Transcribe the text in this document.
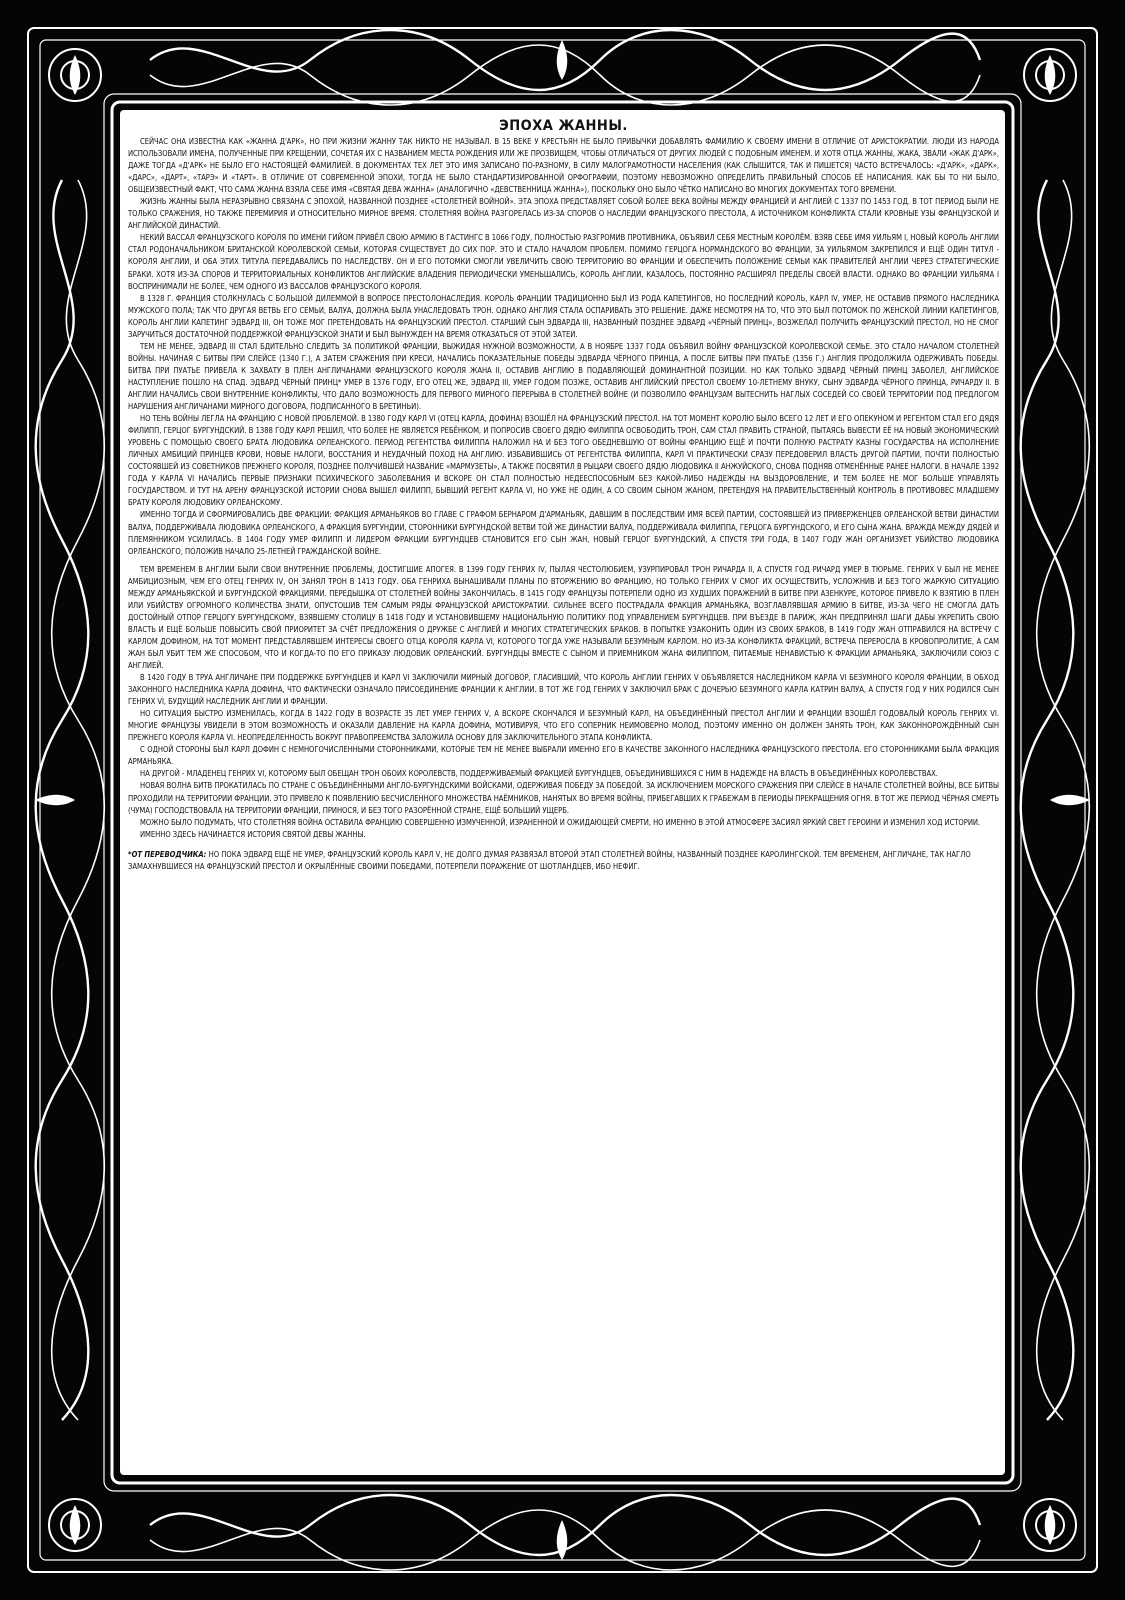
ЭПОХА ЖАННЫ.

СЕЙЧАС ОНА ИЗВЕСТНА КАК «ЖАННА Д'АРК», НО ПРИ ЖИЗНИ ЖАННУ ТАК НИКТО НЕ НАЗЫВАЛ. В 15 ВЕКЕ У КРЕСТЬЯН НЕ БЫЛО ПРИВЫЧКИ ДОБАВЛЯТЬ ФАМИЛИЮ К СВОЕМУ ИМЕНИ В ОТЛИЧИЕ ОТ АРИСТОКРАТИИ. ЛЮДИ ИЗ НАРОДА ИСПОЛЬЗОВАЛИ ИМЕНА, ПОЛУЧЕННЫЕ ПРИ КРЕЩЕНИИ, СОЧЕТАЯ ИХ С НАЗВАНИЕМ МЕСТА РОЖДЕНИЯ ИЛИ ЖЕ ПРОЗВИЩЕМ, ЧТОБЫ ОТЛИЧАТЬСЯ ОТ ДРУГИХ ЛЮДЕЙ С ПОДОБНЫМ ИМЕНЕМ. И ХОТЯ ОТЦА ЖАННЫ, ЖАКА, ЗВАЛИ «ЖАК Д'АРК», ДАЖЕ ТОГДА «Д'АРК» НЕ БЫЛО ЕГО НАСТОЯЩЕЙ ФАМИЛИЕЙ. В ДОКУМЕНТАХ ТЕХ ЛЕТ ЭТО ИМЯ ЗАПИСАНО ПО-РАЗНОМУ, В СИЛУ МАЛОГРАМОТНОСТИ НАСЕЛЕНИЯ (КАК СЛЫШИТСЯ, ТАК И ПИШЕТСЯ) ЧАСТО ВСТРЕЧАЛОСЬ: «Д'АРК», «ДАРК», «ДАРС», «ДАРТ», «ТАРЭ» И «ТАРТ». В ОТЛИЧИЕ ОТ СОВРЕМЕННОЙ ЭПОХИ, ТОГДА НЕ БЫЛО СТАНДАРТИЗИРОВАННОЙ ОРФОГРАФИИ, ПОЭТОМУ НЕВОЗМОЖНО ОПРЕДЕЛИТЬ ПРАВИЛЬНЫЙ СПОСОБ ЕЁ НАПИСАНИЯ. КАК БЫ ТО НИ БЫЛО, ОБЩЕИЗВЕСТНЫЙ ФАКТ, ЧТО САМА ЖАННА ВЗЯЛА СЕБЕ ИМЯ «СВЯТАЯ ДЕВА ЖАННА» (АНАЛОГИЧНО «ДЕВСТВЕННИЦА ЖАННА»), ПОСКОЛЬКУ ОНО БЫЛО ЧЁТКО НАПИСАНО ВО МНОГИХ ДОКУМЕНТАХ ТОГО ВРЕМЕНИ.

ЖИЗНЬ ЖАННЫ БЫЛА НЕРАЗРЫВНО СВЯЗАНА С ЭПОХОЙ, НАЗВАННОЙ ПОЗДНЕЕ «СТОЛЕТНЕЙ ВОЙНОЙ». ЭТА ЭПОХА ПРЕДСТАВЛЯЕТ СОБОЙ БОЛЕЕ ВЕКА ВОЙНЫ МЕЖДУ ФРАНЦИЕЙ И АНГЛИЕЙ С 1337 ПО 1453 ГОД. В ТОТ ПЕРИОД БЫЛИ НЕ ТОЛЬКО СРАЖЕНИЯ, НО ТАКЖЕ ПЕРЕМИРИЯ И ОТНОСИТЕЛЬНО МИРНОЕ ВРЕМЯ. СТОЛЕТНЯЯ ВОЙНА РАЗГОРЕЛАСЬ ИЗ-ЗА СПОРОВ О НАСЛЕДИИ ФРАНЦУЗСКОГО ПРЕСТОЛА, А ИСТОЧНИКОМ КОНФЛИКТА СТАЛИ КРОВНЫЕ УЗЫ ФРАНЦУЗСКОЙ И АНГЛИЙСКОЙ ДИНАСТИЙ.

НЕКИЙ ВАССАЛ ФРАНЦУЗСКОГО КОРОЛЯ ПО ИМЕНИ ГИЙОМ ПРИВЁЛ СВОЮ АРМИЮ В ГАСТИНГС В 1066 ГОДУ, ПОЛНОСТЬЮ РАЗГРОМИВ ПРОТИВНИКА, ОБЪЯВИЛ СЕБЯ МЕСТНЫМ КОРОЛЁМ. ВЗЯВ СЕБЕ ИМЯ УИЛЬЯМ I, НОВЫЙ КОРОЛЬ АНГЛИИ СТАЛ РОДОНАЧАЛЬНИКОМ БРИТАНСКОЙ КОРОЛЕВСКОЙ СЕМЬИ, КОТОРАЯ СУЩЕСТВУЕТ ДО СИХ ПОР. ЭТО И СТАЛО НАЧАЛОМ ПРОБЛЕМ. ПОМИМО ГЕРЦОГА НОРМАНДСКОГО ВО ФРАНЦИИ, ЗА УИЛЬЯМОМ ЗАКРЕПИЛСЯ И ЕЩЁ ОДИН ТИТУЛ - КОРОЛЯ АНГЛИИ, И ОБА ЭТИХ ТИТУЛА ПЕРЕДАВАЛИСЬ ПО НАСЛЕДСТВУ. ОН И ЕГО ПОТОМКИ СМОГЛИ УВЕЛИЧИТЬ СВОЮ ТЕРРИТОРИЮ ВО ФРАНЦИИ И ОБЕСПЕЧИТЬ ПОЛОЖЕНИЕ СЕМЬИ КАК ПРАВИТЕЛЕЙ АНГЛИИ ЧЕРЕЗ СТРАТЕГИЧЕСКИЕ БРАКИ. ХОТЯ ИЗ-ЗА СПОРОВ И ТЕРРИТОРИАЛЬНЫХ КОНФЛИКТОВ АНГЛИЙСКИЕ ВЛАДЕНИЯ ПЕРИОДИЧЕСКИ УМЕНЬШАЛИСЬ, КОРОЛЬ АНГЛИИ, КАЗАЛОСЬ, ПОСТОЯННО РАСШИРЯЛ ПРЕДЕЛЫ СВОЕЙ ВЛАСТИ. ОДНАКО ВО ФРАНЦИИ УИЛЬЯМА I ВОСПРИНИМАЛИ НЕ БОЛЕЕ, ЧЕМ ОДНОГО ИЗ ВАССАЛОВ ФРАНЦУЗСКОГО КОРОЛЯ.

В 1328 Г. ФРАНЦИЯ СТОЛКНУЛАСЬ С БОЛЬШОЙ ДИЛЕММОЙ В ВОПРОСЕ ПРЕСТОЛОНАСЛЕДИЯ. КОРОЛЬ ФРАНЦИИ ТРАДИЦИОННО БЫЛ ИЗ РОДА КАПЕТИНГОВ, НО ПОСЛЕДНИЙ КОРОЛЬ, КАРЛ IV, УМЕР, НЕ ОСТАВИВ ПРЯМОГО НАСЛЕДНИКА МУЖСКОГО ПОЛА; ТАК ЧТО ДРУГАЯ ВЕТВЬ ЕГО СЕМЬИ, ВАЛУА, ДОЛЖНА БЫЛА УНАСЛЕДОВАТЬ ТРОН. ОДНАКО АНГЛИЯ СТАЛА ОСПАРИВАТЬ ЭТО РЕШЕНИЕ. ДАЖЕ НЕСМОТРЯ НА ТО, ЧТО ЭТО БЫЛ ПОТОМОК ПО ЖЕНСКОЙ ЛИНИИ КАПЕТИНГОВ, КОРОЛЬ АНГЛИИ КАПЕТИНГ ЭДВАРД III, ОН ТОЖЕ МОГ ПРЕТЕНДОВАТЬ НА ФРАНЦУЗСКИЙ ПРЕСТОЛ. СТАРШИЙ СЫН ЭДВАРДА III, НАЗВАННЫЙ ПОЗДНЕЕ ЭДВАРД «ЧЁРНЫЙ ПРИНЦ», ВОЗЖЕЛАЛ ПОЛУЧИТЬ ФРАНЦУЗСКИЙ ПРЕСТОЛ, НО НЕ СМОГ ЗАРУЧИТЬСЯ ДОСТАТОЧНОЙ ПОДДЕРЖКОЙ ФРАНЦУЗСКОЙ ЗНАТИ И БЫЛ ВЫНУЖДЕН НА ВРЕМЯ ОТКАЗАТЬСЯ ОТ ЭТОЙ ЗАТЕИ.

ТЕМ НЕ МЕНЕЕ, ЭДВАРД III СТАЛ БДИТЕЛЬНО СЛЕДИТЬ ЗА ПОЛИТИКОЙ ФРАНЦИИ, ВЫЖИДАЯ НУЖНОЙ ВОЗМОЖНОСТИ, А В НОЯБРЕ 1337 ГОДА ОБЪЯВИЛ ВОЙНУ ФРАНЦУЗСКОЙ КОРОЛЕВСКОЙ СЕМЬЕ. ЭТО СТАЛО НАЧАЛОМ СТОЛЕТНЕЙ ВОЙНЫ. НАЧИНАЯ С БИТВЫ ПРИ СЛЕЙСЕ (1340 Г.), А ЗАТЕМ СРАЖЕНИЯ ПРИ КРЕСИ, НАЧАЛИСЬ ПОКАЗАТЕЛЬНЫЕ ПОБЕДЫ ЭДВАРДА ЧЁРНОГО ПРИНЦА, А ПОСЛЕ БИТВЫ ПРИ ПУАТЬЕ (1356 Г.) АНГЛИЯ ПРОДОЛЖИЛА ОДЕРЖИВАТЬ ПОБЕДЫ. БИТВА ПРИ ПУАТЬЕ ПРИВЕЛА К ЗАХВАТУ В ПЛЕН АНГЛИЧАНАМИ ФРАНЦУЗСКОГО КОРОЛЯ ЖАНА II, ОСТАВИВ АНГЛИЮ В ПОДАВЛЯЮЩЕЙ ДОМИНАНТНОЙ ПОЗИЦИИ. НО КАК ТОЛЬКО ЭДВАРД ЧЁРНЫЙ ПРИНЦ ЗАБОЛЕЛ, АНГЛИЙСКОЕ НАСТУПЛЕНИЕ ПОШЛО НА СПАД. ЭДВАРД ЧЁРНЫЙ ПРИНЦ* УМЕР В 1376 ГОДУ, ЕГО ОТЕЦ ЖЕ, ЭДВАРД III, УМЕР ГОДОМ ПОЗЖЕ, ОСТАВИВ АНГЛИЙСКИЙ ПРЕСТОЛ СВОЕМУ 10-ЛЕТНЕМУ ВНУКУ, СЫНУ ЭДВАРДА ЧЁРНОГО ПРИНЦА, РИЧАРДУ II. В АНГЛИИ НАЧАЛИСЬ СВОИ ВНУТРЕННИЕ КОНФЛИКТЫ, ЧТО ДАЛО ВОЗМОЖНОСТЬ ДЛЯ ПЕРВОГО МИРНОГО ПЕРЕРЫВА В СТОЛЕТНЕЙ ВОЙНЕ (И ПОЗВОЛИЛО ФРАНЦУЗАМ ВЫТЕСНИТЬ НАГЛЫХ СОСЕДЕЙ СО СВОЕЙ ТЕРРИТОРИИ ПОД ПРЕДЛОГОМ НАРУШЕНИЯ АНГЛИЧАНАМИ МИРНОГО ДОГОВОРА, ПОДПИСАННОГО В БРЕТИНЬИ).

НО ТЕНЬ ВОЙНЫ ЛЕГЛА НА ФРАНЦИЮ С НОВОЙ ПРОБЛЕМОЙ. В 1380 ГОДУ КАРЛ VI (ОТЕЦ КАРЛА, ДОФИНА) ВЗОШЁЛ НА ФРАНЦУЗСКИЙ ПРЕСТОЛ. НА ТОТ МОМЕНТ КОРОЛЮ БЫЛО ВСЕГО 12 ЛЕТ И ЕГО ОПЕКУНОМ И РЕГЕНТОМ СТАЛ ЕГО ДЯДЯ ФИЛИПП, ГЕРЦОГ БУРГУНДСКИЙ. В 1388 ГОДУ КАРЛ РЕШИЛ, ЧТО БОЛЕЕ НЕ ЯВЛЯЕТСЯ РЕБЁНКОМ, И ПОПРОСИВ СВОЕГО ДЯДЮ ФИЛИППА ОСВОБОДИТЬ ТРОН, САМ СТАЛ ПРАВИТЬ СТРАНОЙ, ПЫТАЯСЬ ВЫВЕСТИ ЕЁ НА НОВЫЙ ЭКОНОМИЧЕСКИЙ УРОВЕНЬ С ПОМОЩЬЮ СВОЕГО БРАТА ЛЮДОВИКА ОРЛЕАНСКОГО. ПЕРИОД РЕГЕНТСТВА ФИЛИППА НАЛОЖИЛ НА И БЕЗ ТОГО ОБЕДНЕВШУЮ ОТ ВОЙНЫ ФРАНЦИЮ ЕЩЁ И ПОЧТИ ПОЛНУЮ РАСТРАТУ КАЗНЫ ГОСУДАРСТВА НА ИСПОЛНЕНИЕ ЛИЧНЫХ АМБИЦИЙ ПРИНЦЕВ КРОВИ, НОВЫЕ НАЛОГИ, ВОССТАНИЯ И НЕУДАЧНЫЙ ПОХОД НА АНГЛИЮ. ИЗБАВИВШИСЬ ОТ РЕГЕНТСТВА ФИЛИППА, КАРЛ VI ПРАКТИЧЕСКИ СРАЗУ ПЕРЕДОВЕРИЛ ВЛАСТЬ ДРУГОЙ ПАРТИИ, ПОЧТИ ПОЛНОСТЬЮ СОСТОЯВШЕЙ ИЗ СОВЕТНИКОВ ПРЕЖНЕГО КОРОЛЯ, ПОЗДНЕЕ ПОЛУЧИВШЕЙ НАЗВАНИЕ «МАРМУЗЕТЫ», А ТАКЖЕ ПОСВЯТИЛ В РЫЦАРИ СВОЕГО ДЯДЮ ЛЮДОВИКА II АНЖУЙСКОГО, СНОВА ПОДНЯВ ОТМЕНЁННЫЕ РАНЕЕ НАЛОГИ. В НАЧАЛЕ 1392 ГОДА У КАРЛА VI НАЧАЛИСЬ ПЕРВЫЕ ПРИЗНАКИ ПСИХИЧЕСКОГО ЗАБОЛЕВАНИЯ И ВСКОРЕ ОН СТАЛ ПОЛНОСТЬЮ НЕДЕЕСПОСОБНЫМ БЕЗ КАКОЙ-ЛИБО НАДЕЖДЫ НА ВЫЗДОРОВЛЕНИЕ, И ТЕМ БОЛЕЕ НЕ МОГ БОЛЬШЕ УПРАВЛЯТЬ ГОСУДАРСТВОМ. И ТУТ НА АРЕНУ ФРАНЦУЗСКОЙ ИСТОРИИ СНОВА ВЫШЕЛ ФИЛИПП, БЫВШИЙ РЕГЕНТ КАРЛА VI, НО УЖЕ НЕ ОДИН, А СО СВОИМ СЫНОМ ЖАНОМ, ПРЕТЕНДУЯ НА ПРАВИТЕЛЬСТВЕННЫЙ КОНТРОЛЬ В ПРОТИВОВЕС МЛАДШЕМУ БРАТУ КОРОЛЯ ЛЮДОВИКУ ОРЛЕАНСКОМУ.

ИМЕННО ТОГДА И СФОРМИРОВАЛИСЬ ДВЕ ФРАКЦИИ: ФРАКЦИЯ АРМАНЬЯКОВ ВО ГЛАВЕ С ГРАФОМ БЕРНАРОМ Д'АРМАНЬЯК, ДАВШИМ В ПОСЛЕДСТВИИ ИМЯ ВСЕЙ ПАРТИИ, СОСТОЯВШЕЙ ИЗ ПРИВЕРЖЕНЦЕВ ОРЛЕАНСКОЙ ВЕТВИ ДИНАСТИИ ВАЛУА, ПОДДЕРЖИВАЛА ЛЮДОВИКА ОРЛЕАНСКОГО, А ФРАКЦИЯ БУРГУНДИИ, СТОРОННИКИ БУРГУНДСКОЙ ВЕТВИ ТОЙ ЖЕ ДИНАСТИИ ВАЛУА, ПОДДЕРЖИВАЛА ФИЛИППА, ГЕРЦОГА БУРГУНДСКОГО, И ЕГО СЫНА ЖАНА. ВРАЖДА МЕЖДУ ДЯДЕЙ И ПЛЕМЯННИКОМ УСИЛИЛАСЬ. В 1404 ГОДУ УМЕР ФИЛИПП И ЛИДЕРОМ ФРАКЦИИ БУРГУНДЦЕВ СТАНОВИТСЯ ЕГО СЫН ЖАН, НОВЫЙ ГЕРЦОГ БУРГУНДСКИЙ, А СПУСТЯ ТРИ ГОДА, В 1407 ГОДУ ЖАН ОРГАНИЗУЕТ УБИЙСТВО ЛЮДОВИКА ОРЛЕАНСКОГО, ПОЛОЖИВ НАЧАЛО 25-ЛЕТНЕЙ ГРАЖДАНСКОЙ ВОЙНЕ.

ТЕМ ВРЕМЕНЕМ В АНГЛИИ БЫЛИ СВОИ ВНУТРЕННИЕ ПРОБЛЕМЫ, ДОСТИГШИЕ АПОГЕЯ. В 1399 ГОДУ ГЕНРИХ IV, ПЫЛАЯ ЧЕСТОЛЮБИЕМ, УЗУРПИРОВАЛ ТРОН РИЧАРДА II, А СПУСТЯ ГОД РИЧАРД УМЕР В ТЮРЬМЕ. ГЕНРИХ V БЫЛ НЕ МЕНЕЕ АМБИЦИОЗНЫМ, ЧЕМ ЕГО ОТЕЦ ГЕНРИХ IV, ОН ЗАНЯЛ ТРОН В 1413 ГОДУ. ОБА ГЕНРИХА ВЫНАШИВАЛИ ПЛАНЫ ПО ВТОРЖЕНИЮ ВО ФРАНЦИЮ, НО ТОЛЬКО ГЕНРИХ V СМОГ ИХ ОСУЩЕСТВИТЬ, УСЛОЖНИВ И БЕЗ ТОГО ЖАРКУЮ СИТУАЦИЮ МЕЖДУ АРМАНЬЯКСКОЙ И БУРГУНДСКОЙ ФРАКЦИЯМИ. ПЕРЕДЫШКА ОТ СТОЛЕТНЕЙ ВОЙНЫ ЗАКОНЧИЛАСЬ. В 1415 ГОДУ ФРАНЦУЗЫ ПОТЕРПЕЛИ ОДНО ИЗ ХУДШИХ ПОРАЖЕНИЙ В БИТВЕ ПРИ АЗЕНКУРЕ, КОТОРОЕ ПРИВЕЛО К ВЗЯТИЮ В ПЛЕН ИЛИ УБИЙСТВУ ОГРОМНОГО КОЛИЧЕСТВА ЗНАТИ, ОПУСТОШИВ ТЕМ САМЫМ РЯДЫ ФРАНЦУЗСКОЙ АРИСТОКРАТИИ. СИЛЬНЕЕ ВСЕГО ПОСТРАДАЛА ФРАКЦИЯ АРМАНЬЯКА, ВОЗГЛАВЛЯВШАЯ АРМИЮ В БИТВЕ, ИЗ-ЗА ЧЕГО НЕ СМОГЛА ДАТЬ ДОСТОЙНЫЙ ОТПОР ГЕРЦОГУ БУРГУНДСКОМУ, ВЗЯВШЕМУ СТОЛИЦУ В 1418 ГОДУ И УСТАНОВИВШЕМУ НАЦИОНАЛЬНУЮ ПОЛИТИКУ ПОД УПРАВЛЕНИЕМ БУРГУНДЦЕВ. ПРИ ВЪЕЗДЕ В ПАРИЖ, ЖАН ПРЕДПРИНЯЛ ШАГИ ДАБЫ УКРЕПИТЬ СВОЮ ВЛАСТЬ И ЕЩЁ БОЛЬШЕ ПОВЫСИТЬ СВОЙ ПРИОРИТЕТ ЗА СЧЁТ ПРЕДЛОЖЕНИЯ О ДРУЖБЕ С АНГЛИЕЙ И МНОГИХ СТРАТЕГИЧЕСКИХ БРАКОВ. В ПОПЫТКЕ УЗАКОНИТЬ ОДИН ИЗ СВОИХ БРАКОВ, В 1419 ГОДУ ЖАН ОТПРАВИЛСЯ НА ВСТРЕЧУ С КАРЛОМ ДОФИНОМ, НА ТОТ МОМЕНТ ПРЕДСТАВЛЯВШЕМ ИНТЕРЕСЫ СВОЕГО ОТЦА КОРОЛЯ КАРЛА VI, КОТОРОГО ТОГДА УЖЕ НАЗЫВАЛИ БЕЗУМНЫМ КАРЛОМ. НО ИЗ-ЗА КОНФЛИКТА ФРАКЦИЙ, ВСТРЕЧА ПЕРЕРОСЛА В КРОВОПРОЛИТИЕ, А САМ ЖАН БЫЛ УБИТ ТЕМ ЖЕ СПОСОБОМ, ЧТО И КОГДА-ТО ПО ЕГО ПРИКАЗУ ЛЮДОВИК ОРЛЕАНСКИЙ. БУРГУНДЦЫ ВМЕСТЕ С СЫНОМ И ПРИЕМНИКОМ ЖАНА ФИЛИППОМ, ПИТАЕМЫЕ НЕНАВИСТЬЮ К ФРАКЦИИ АРМАНЬЯКА, ЗАКЛЮЧИЛИ СОЮЗ С АНГЛИЕЙ.

В 1420 ГОДУ В ТРУА АНГЛИЧАНЕ ПРИ ПОДДЕРЖКЕ БУРГУНДЦЕВ И КАРЛ VI ЗАКЛЮЧИЛИ МИРНЫЙ ДОГОВОР, ГЛАСИВШИЙ, ЧТО КОРОЛЬ АНГЛИИ ГЕНРИХ V ОБЪЯВЛЯЕТСЯ НАСЛЕДНИКОМ КАРЛА VI БЕЗУМНОГО КОРОЛЯ ФРАНЦИИ, В ОБХОД ЗАКОННОГО НАСЛЕДНИКА КАРЛА ДОФИНА, ЧТО ФАКТИЧЕСКИ ОЗНАЧАЛО ПРИСОЕДИНЕНИЕ ФРАНЦИИ К АНГЛИИ. В ТОТ ЖЕ ГОД ГЕНРИХ V ЗАКЛЮЧИЛ БРАК С ДОЧЕРЬЮ БЕЗУМНОГО КАРЛА КАТРИН ВАЛУА, А СПУСТЯ ГОД У НИХ РОДИЛСЯ СЫН ГЕНРИХ VI, БУДУЩИЙ НАСЛЕДНИК АНГЛИИ И ФРАНЦИИ.

НО СИТУАЦИЯ БЫСТРО ИЗМЕНИЛАСЬ, КОГДА В 1422 ГОДУ В ВОЗРАСТЕ 35 ЛЕТ УМЕР ГЕНРИХ V, А ВСКОРЕ СКОНЧАЛСЯ И БЕЗУМНЫЙ КАРЛ, НА ОБЪЕДИНЁННЫЙ ПРЕСТОЛ АНГЛИИ И ФРАНЦИИ ВЗОШЁЛ ГОДОВАЛЫЙ КОРОЛЬ ГЕНРИХ VI. МНОГИЕ ФРАНЦУЗЫ УВИДЕЛИ В ЭТОМ ВОЗМОЖНОСТЬ И ОКАЗАЛИ ДАВЛЕНИЕ НА КАРЛА ДОФИНА, МОТИВИРУЯ, ЧТО ЕГО СОПЕРНИК НЕИМОВЕРНО МОЛОД, ПОЭТОМУ ИМЕННО ОН ДОЛЖЕН ЗАНЯТЬ ТРОН, КАК ЗАКОННОРОЖДЁННЫЙ СЫН ПРЕЖНЕГО КОРОЛЯ КАРЛА VI. НЕОПРЕДЕЛЕННОСТЬ ВОКРУГ ПРАВОПРЕЕМСТВА ЗАЛОЖИЛА ОСНОВУ ДЛЯ ЗАКЛЮЧИТЕЛЬНОГО ЭТАПА КОНФЛИКТА.

С ОДНОЙ СТОРОНЫ БЫЛ КАРЛ ДОФИН С НЕМНОГОЧИСЛЕННЫМИ СТОРОННИКАМИ, КОТОРЫЕ ТЕМ НЕ МЕНЕЕ ВЫБРАЛИ ИМЕННО ЕГО В КАЧЕСТВЕ ЗАКОННОГО НАСЛЕДНИКА ФРАНЦУЗСКОГО ПРЕСТОЛА. ЕГО СТОРОННИКАМИ БЫЛА ФРАКЦИЯ АРМАНЬЯКА.

НА ДРУГОЙ - МЛАДЕНЕЦ ГЕНРИХ VI, КОТОРОМУ БЫЛ ОБЕЩАН ТРОН ОБОИХ КОРОЛЕВСТВ, ПОДДЕРЖИВАЕМЫЙ ФРАКЦИЕЙ БУРГУНДЦЕВ, ОБЪЕДИНИВШИХСЯ С НИМ В НАДЕЖДЕ НА ВЛАСТЬ В ОБЪЕДИНЁННЫХ КОРОЛЕВСТВАХ.

НОВАЯ ВОЛНА БИТВ ПРОКАТИЛАСЬ ПО СТРАНЕ С ОБЪЕДИНЁННЫМИ АНГЛО-БУРГУНДСКИМИ ВОЙСКАМИ, ОДЕРЖИВАЯ ПОБЕДУ ЗА ПОБЕДОЙ. ЗА ИСКЛЮЧЕНИЕМ МОРСКОГО СРАЖЕНИЯ ПРИ СЛЕЙСЕ В НАЧАЛЕ СТОЛЕТНЕЙ ВОЙНЫ, ВСЕ БИТВЫ ПРОХОДИЛИ НА ТЕРРИТОРИИ ФРАНЦИИ. ЭТО ПРИВЕЛО К ПОЯВЛЕНИЮ БЕСЧИСЛЕННОГО МНОЖЕСТВА НАЁМНИКОВ, НАНЯТЫХ ВО ВРЕМЯ ВОЙНЫ, ПРИБЕГАВШИХ К ГРАБЕЖАМ В ПЕРИОДЫ ПРЕКРАЩЕНИЯ ОГНЯ. В ТОТ ЖЕ ПЕРИОД ЧЁРНАЯ СМЕРТЬ (ЧУМА) ГОСПОДСТВОВАЛА НА ТЕРРИТОРИИ ФРАНЦИИ, ПРИНОСЯ, И БЕЗ ТОГО РАЗОРЁННОЙ СТРАНЕ, ЕЩЁ БОЛЬШИЙ УЩЕРБ.

МОЖНО БЫЛО ПОДУМАТЬ, ЧТО СТОЛЕТНЯЯ ВОЙНА ОСТАВИЛА ФРАНЦИЮ СОВЕРШЕННО ИЗМУЧЕННОЙ, ИЗРАНЕННОЙ И ОЖИДАЮЩЕЙ СМЕРТИ, НО ИМЕННО В ЭТОЙ АТМОСФЕРЕ ЗАСИЯЛ ЯРКИЙ СВЕТ ГЕРОИНИ И ИЗМЕНИЛ ХОД ИСТОРИИ.

ИМЕННО ЗДЕСЬ НАЧИНАЕТСЯ ИСТОРИЯ СВЯТОЙ ДЕВЫ ЖАННЫ.

*ОТ ПЕРЕВОДЧИКА: НО ПОКА ЭДВАРД ЕЩЁ НЕ УМЕР, ФРАНЦУЗСКИЙ КОРОЛЬ КАРЛ V, НЕ ДОЛГО ДУМАЯ РАЗВЯЗАЛ ВТОРОЙ ЭТАП СТОЛЕТНЕЙ ВОЙНЫ, НАЗВАННЫЙ ПОЗДНЕЕ КАРОЛИНГСКОЙ. ТЕМ ВРЕМЕНЕМ, АНГЛИЧАНЕ, ТАК НАГЛО ЗАМАХНУВШИЕСЯ НА ФРАНЦУЗСКИЙ ПРЕСТОЛ И ОКРЫЛЁННЫЕ СВОИМИ ПОБЕДАМИ, ПОТЕРПЕЛИ ПОРАЖЕНИЕ ОТ ШОТЛАНДЦЕВ, ИБО НЕФИГ.
